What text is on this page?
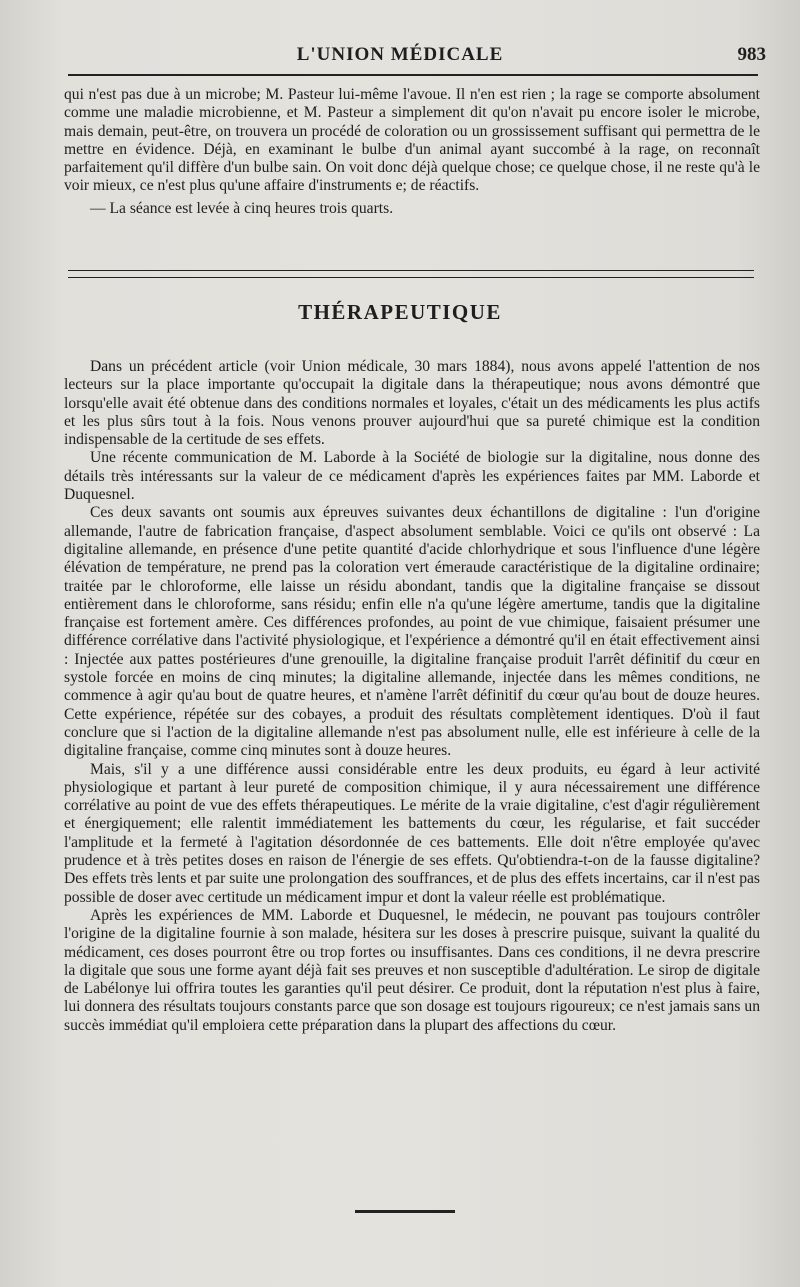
L'UNION MÉDICALE	983

qui n'est pas due à un microbe; M. Pasteur lui-même l'avoue. Il n'en est rien ; la rage se comporte absolument comme une maladie microbienne, et M. Pasteur a simplement dit qu'on n'avait pu encore isoler le microbe, mais demain, peut-être, on trouvera un procédé de coloration ou un grossissement suffisant qui permettra de le mettre en évidence. Déjà, en examinant le bulbe d'un animal ayant succombé à la rage, on reconnaît parfaitement qu'il diffère d'un bulbe sain. On voit donc déjà quelque chose; ce quelque chose, il ne reste qu'à le voir mieux, ce n'est plus qu'une affaire d'instruments e; de réactifs.

— La séance est levée à cinq heures trois quarts.

THÉRAPEUTIQUE

Dans un précédent article (voir Union médicale, 30 mars 1884), nous avons appelé l'attention de nos lecteurs sur la place importante qu'occupait la digitale dans la thérapeutique; nous avons démontré que lorsqu'elle avait été obtenue dans des conditions normales et loyales, c'était un des médicaments les plus actifs et les plus sûrs tout à la fois. Nous venons prouver aujourd'hui que sa pureté chimique est la condition indispensable de la certitude de ses effets.

Une récente communication de M. Laborde à la Société de biologie sur la digitaline, nous donne des détails très intéressants sur la valeur de ce médicament d'après les expériences faites par MM. Laborde et Duquesnel.

Ces deux savants ont soumis aux épreuves suivantes deux échantillons de digitaline : l'un d'origine allemande, l'autre de fabrication française, d'aspect absolument semblable. Voici ce qu'ils ont observé : La digitaline allemande, en présence d'une petite quantité d'acide chlorhydrique et sous l'influence d'une légère élévation de température, ne prend pas la coloration vert émeraude caractéristique de la digitaline ordinaire; traitée par le chloroforme, elle laisse un résidu abondant, tandis que la digitaline française se dissout entièrement dans le chloroforme, sans résidu; enfin elle n'a qu'une légère amertume, tandis que la digitaline française est fortement amère. Ces différences profondes, au point de vue chimique, faisaient présumer une différence corrélative dans l'activité physiologique, et l'expérience a démontré qu'il en était effectivement ainsi : Injectée aux pattes postérieures d'une grenouille, la digitaline française produit l'arrêt définitif du cœur en systole forcée en moins de cinq minutes; la digitaline allemande, injectée dans les mêmes conditions, ne commence à agir qu'au bout de quatre heures, et n'amène l'arrêt définitif du cœur qu'au bout de douze heures. Cette expérience, répétée sur des cobayes, a produit des résultats complètement identiques. D'où il faut conclure que si l'action de la digitaline allemande n'est pas absolument nulle, elle est inférieure à celle de la digitaline française, comme cinq minutes sont à douze heures.

Mais, s'il y a une différence aussi considérable entre les deux produits, eu égard à leur activité physiologique et partant à leur pureté de composition chimique, il y aura nécessairement une différence corrélative au point de vue des effets thérapeutiques. Le mérite de la vraie digitaline, c'est d'agir régulièrement et énergiquement; elle ralentit immédiatement les battements du cœur, les régularise, et fait succéder l'amplitude et la fermeté à l'agitation désordonnée de ces battements. Elle doit n'être employée qu'avec prudence et à très petites doses en raison de l'énergie de ses effets. Qu'obtiendra-t-on de la fausse digitaline? Des effets très lents et par suite une prolongation des souffrances, et de plus des effets incertains, car il n'est pas possible de doser avec certitude un médicament impur et dont la valeur réelle est problématique.

Après les expériences de MM. Laborde et Duquesnel, le médecin, ne pouvant pas toujours contrôler l'origine de la digitaline fournie à son malade, hésitera sur les doses à prescrire puisque, suivant la qualité du médicament, ces doses pourront être ou trop fortes ou insuffisantes. Dans ces conditions, il ne devra prescrire la digitale que sous une forme ayant déjà fait ses preuves et non susceptible d'adultération. Le sirop de digitale de Labélonye lui offrira toutes les garanties qu'il peut désirer. Ce produit, dont la réputation n'est plus à faire, lui donnera des résultats toujours constants parce que son dosage est toujours rigoureux; ce n'est jamais sans un succès immédiat qu'il emploiera cette préparation dans la plupart des affections du cœur.
